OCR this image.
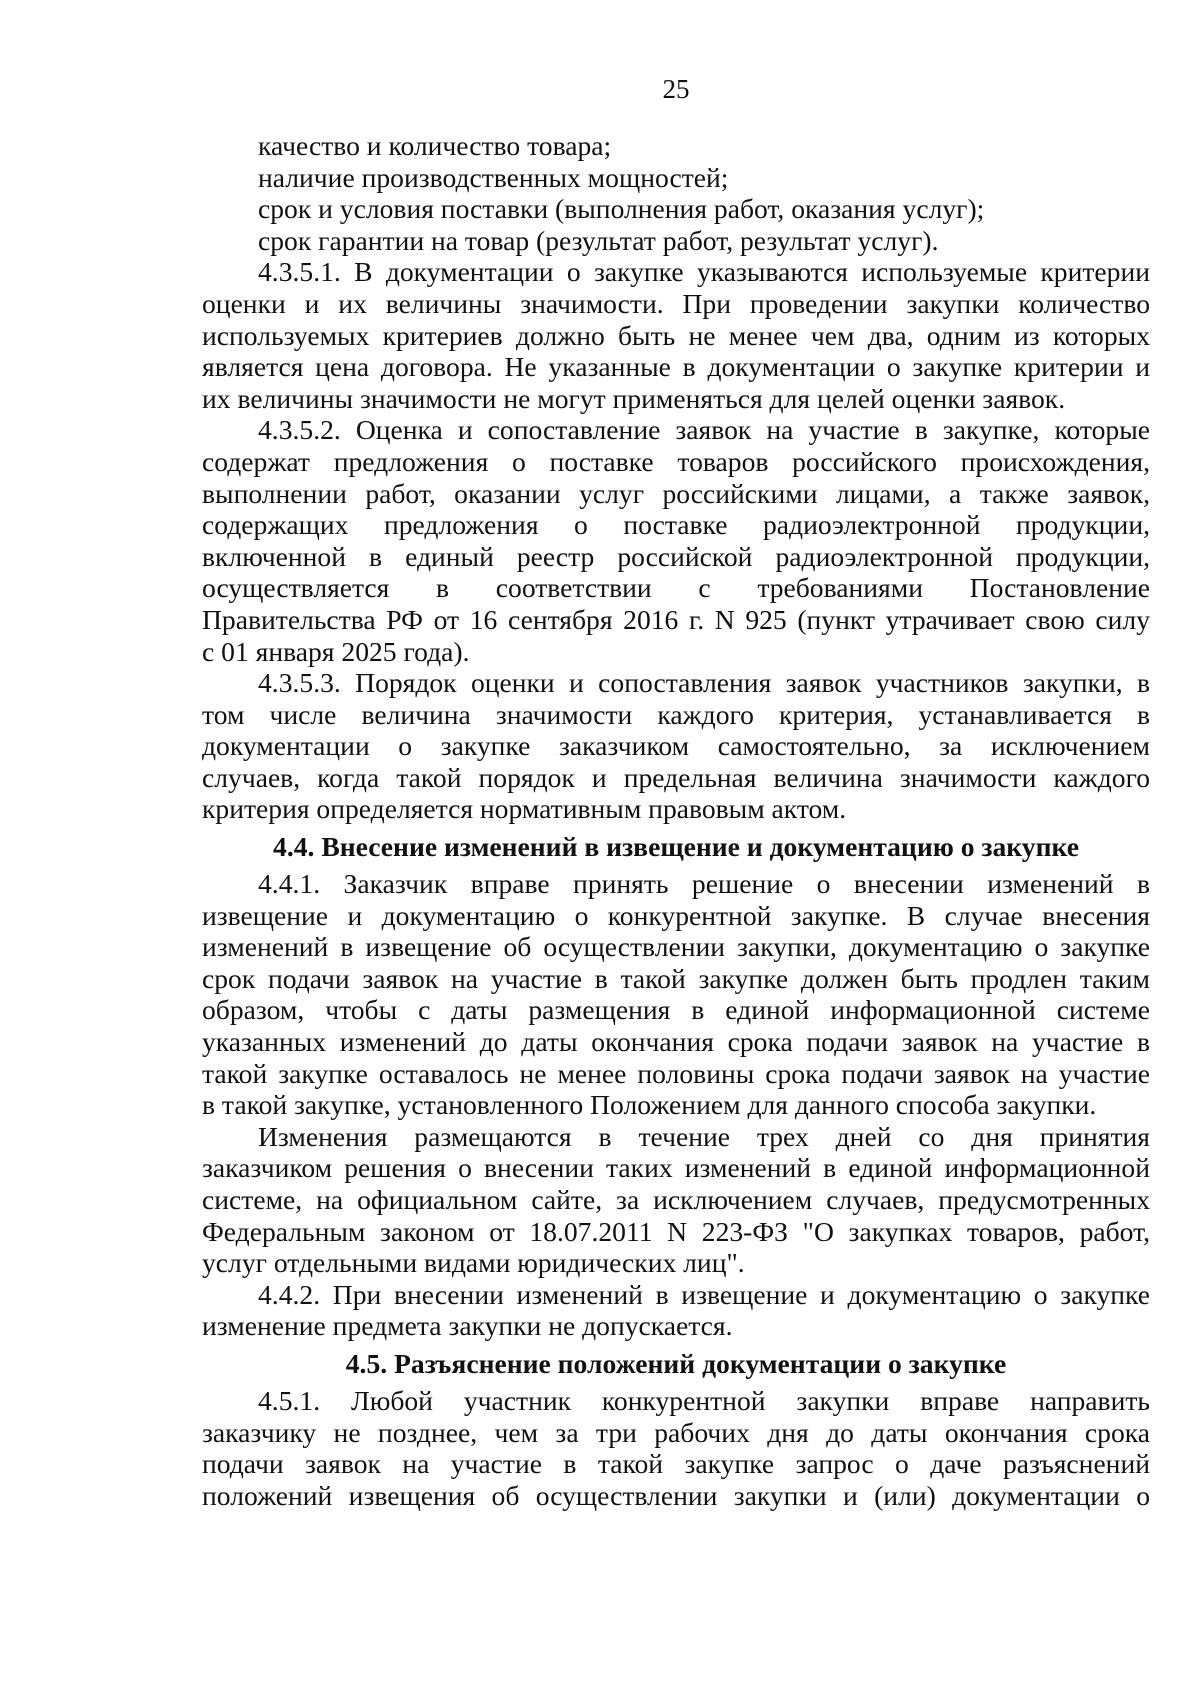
25
качество и количество товара;
наличие производственных мощностей;
срок и условия поставки (выполнения работ, оказания услуг);
срок гарантии на товар (результат работ, результат услуг).
4.3.5.1. В документации о закупке указываются используемые критерии
оценки и их величины значимости. При проведении закупки количество
используемых критериев должно быть не менее чем два, одним из которых
является цена договора. Не указанные в документации о закупке критерии и
их величины значимости не могут применяться для целей оценки заявок.
4.3.5.2. Оценка и сопоставление заявок на участие в закупке, которые
содержат предложения о поставке товаров российского происхождения,
выполнении работ, оказании услуг российскими лицами, а также заявок,
содержащих предложения о поставке радиоэлектронной продукции,
включенной в единый реестр российской радиоэлектронной продукции,
осуществляется в соответствии с требованиями Постановление
Правительства РФ от 16 сентября 2016 г. N 925 (пункт утрачивает свою силу
с 01 января 2025 года).
4.3.5.3. Порядок оценки и сопоставления заявок участников закупки, в
том числе величина значимости каждого критерия, устанавливается в
документации о закупке заказчиком самостоятельно, за исключением
случаев, когда такой порядок и предельная величина значимости каждого
критерия определяется нормативным правовым актом.
4.4. Внесение изменений в извещение и документацию о закупке
4.4.1. Заказчик вправе принять решение о внесении изменений в
извещение и документацию о конкурентной закупке. В случае внесения
изменений в извещение об осуществлении закупки, документацию о закупке
срок подачи заявок на участие в такой закупке должен быть продлен таким
образом, чтобы с даты размещения в единой информационной системе
указанных изменений до даты окончания срока подачи заявок на участие в
такой закупке оставалось не менее половины срока подачи заявок на участие
в такой закупке, установленного Положением для данного способа закупки.
Изменения размещаются в течение трех дней со дня принятия
заказчиком решения о внесении таких изменений в единой информационной
системе, на официальном сайте, за исключением случаев, предусмотренных
Федеральным законом от 18.07.2011 N 223-ФЗ "О закупках товаров, работ,
услуг отдельными видами юридических лиц".
4.4.2. При внесении изменений в извещение и документацию о закупке
изменение предмета закупки не допускается.
4.5. Разъяснение положений документации о закупке
4.5.1. Любой участник конкурентной закупки вправе направить
заказчику не позднее, чем за три рабочих дня до даты окончания срока
подачи заявок на участие в такой закупке запрос о даче разъяснений
положений извещения об осуществлении закупки и (или) документации о
